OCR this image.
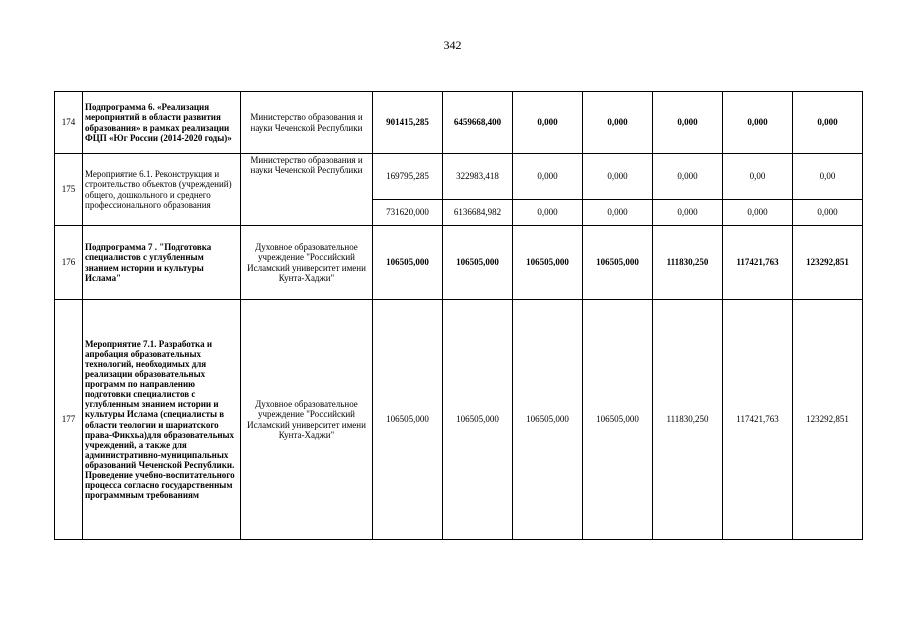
342
174	Подпрограмма 6. «Реализация мероприятий в области развития образования» в рамках реализации ФЦП «Юг России (2014-2020 годы)»	Министерство образования и науки Чеченской Республики	901415,285	6459668,400	0,000	0,000	0,000	0,000	0,000
175	Мероприятие 6.1. Реконструкция и строительство объектов (учреждений) общего, дошкольного и среднего профессионального образования	Министерство образования и науки Чеченской Республики	169795,285	322983,418	0,000	0,000	0,000	0,00	0,00
			731620,000	6136684,982	0,000	0,000	0,000	0,000	0,000
176	Подпрограмма 7 . "Подготовка специалистов с углубленным знанием истории и культуры Ислама"	Духовное образовательное учреждение "Российский Исламский университет имени Кунта-Хаджи"	106505,000	106505,000	106505,000	106505,000	111830,250	117421,763	123292,851
177	Мероприятие 7.1. Разработка и апробация образовательных технологий, необходимых для реализации образовательных программ по направлению подготовки специалистов с углубленным знанием истории и культуры Ислама (специалисты в области теологии и шариатского права-Фикхьа)для образовательных учреждений, а также для административно-муниципальных образований Чеченской Республики. Проведение учебно-воспитательного процесса согласно государственным программным требованиям	Духовное образовательное учреждение "Российский Исламский университет имени Кунта-Хаджи"	106505,000	106505,000	106505,000	106505,000	111830,250	117421,763	123292,851
